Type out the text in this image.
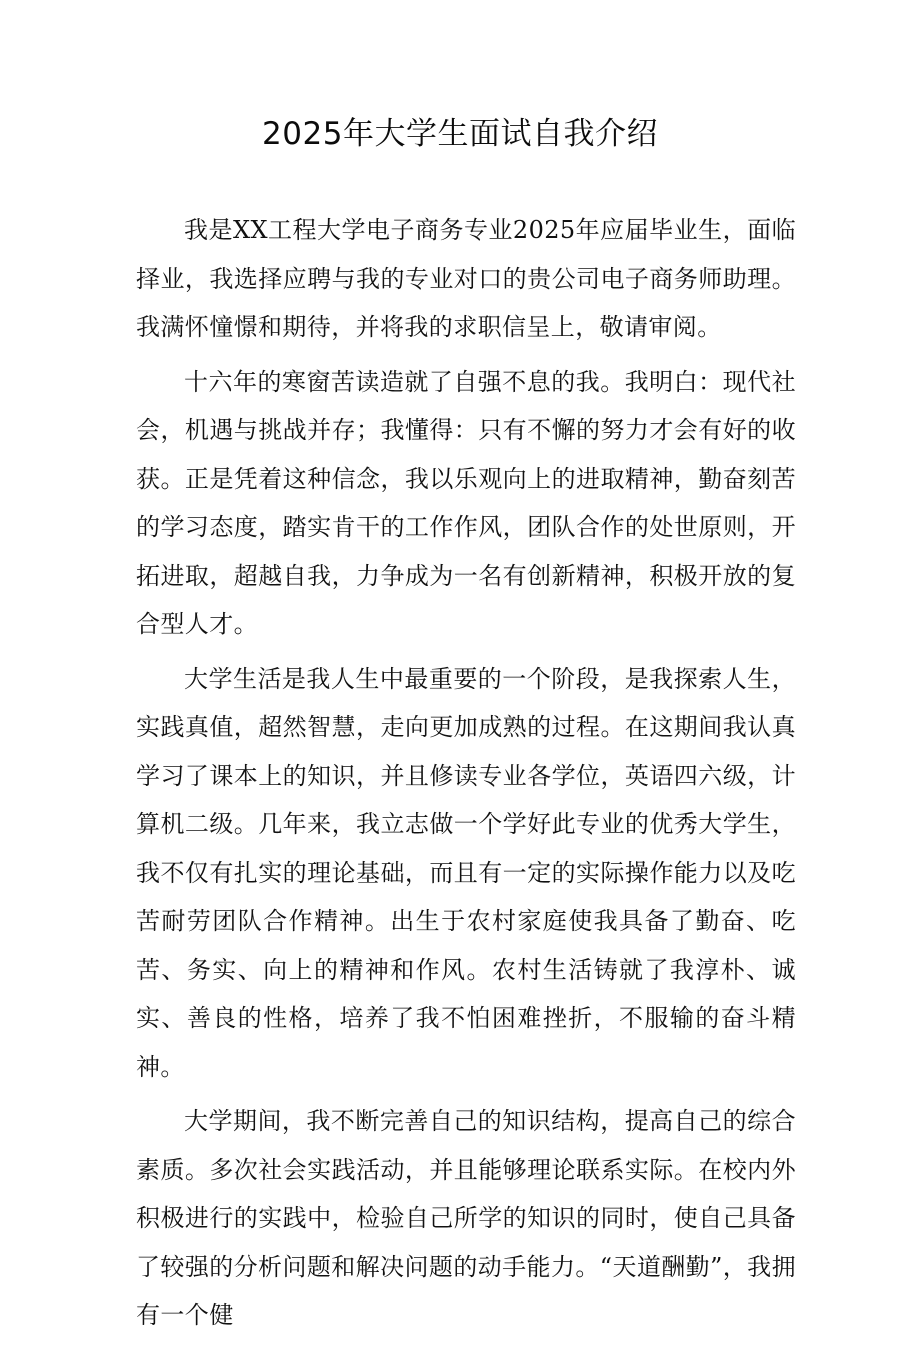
2025年大学生面试自我介绍

我是XX工程大学电子商务专业2025年应届毕业生，面临择业，我选择应聘与我的专业对口的贵公司电子商务师助理。我满怀憧憬和期待，并将我的求职信呈上，敬请审阅。

十六年的寒窗苦读造就了自强不息的我。我明白：现代社会，机遇与挑战并存；我懂得：只有不懈的努力才会有好的收获。正是凭着这种信念，我以乐观向上的进取精神，勤奋刻苦的学习态度，踏实肯干的工作作风，团队合作的处世原则，开拓进取，超越自我，力争成为一名有创新精神，积极开放的复合型人才。

大学生活是我人生中最重要的一个阶段，是我探索人生，实践真值，超然智慧，走向更加成熟的过程。在这期间我认真学习了课本上的知识，并且修读专业各学位，英语四六级，计算机二级。几年来，我立志做一个学好此专业的优秀大学生，我不仅有扎实的理论基础，而且有一定的实际操作能力以及吃苦耐劳团队合作精神。出生于农村家庭使我具备了勤奋、吃苦、务实、向上的精神和作风。农村生活铸就了我淳朴、诚实、善良的性格，培养了我不怕困难挫折，不服输的奋斗精神。

大学期间，我不断完善自己的知识结构，提高自己的综合素质。多次社会实践活动，并且能够理论联系实际。在校内外积极进行的实践中，检验自己所学的知识的同时，使自己具备了较强的分析问题和解决问题的动手能力。“天道酬勤”，我拥有一个健
